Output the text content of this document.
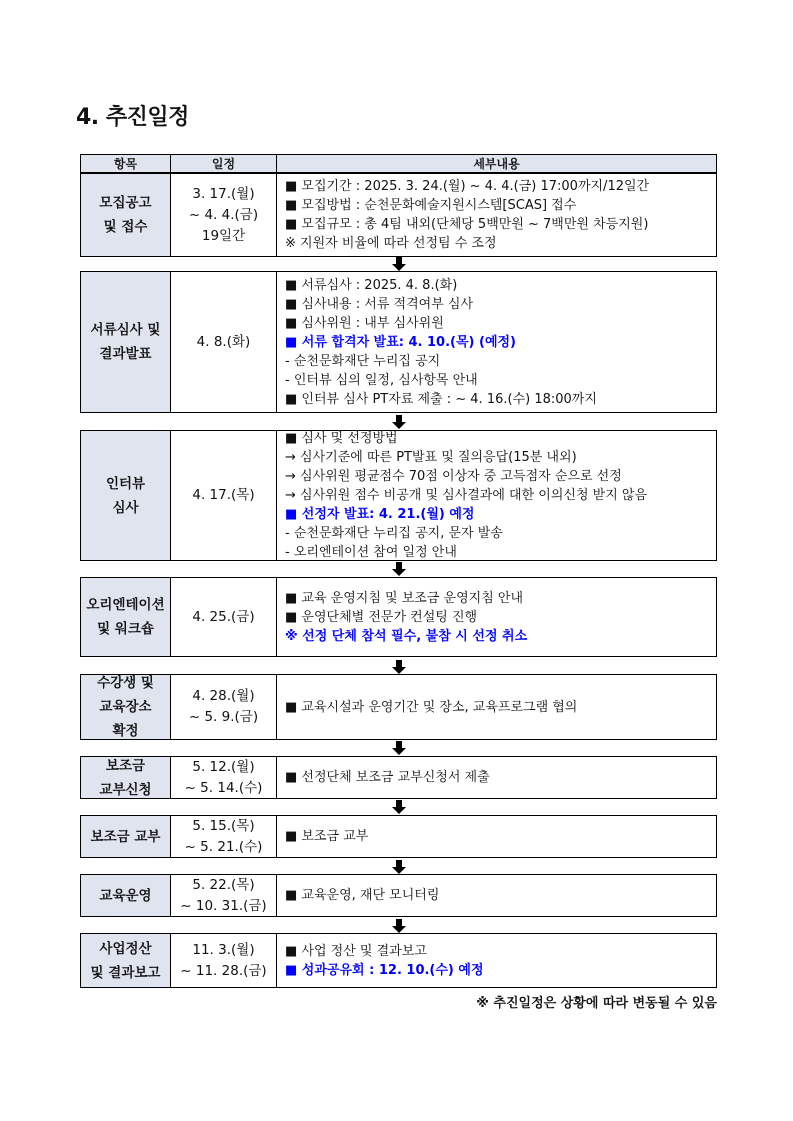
4. 추진일정
항목	일정	세부내용
모집공고
및 접수
3. 17.(월)
~ 4. 4.(금)
19일간
■ 모집기간 : 2025. 3. 24.(월) ~ 4. 4.(금) 17:00까지/12일간
■ 모집방법 : 순천문화예술지원시스템[SCAS] 접수
■ 모집규모 : 총 4팀 내외(단체당 5백만원 ~ 7백만원 차등지원)
※ 지원자 비율에 따라 선정팀 수 조정
서류심사 및
결과발표
4. 8.(화)
■ 서류심사 : 2025. 4. 8.(화)
■ 심사내용 : 서류 적격여부 심사
■ 심사위원 : 내부 심사위원
■ 서류 합격자 발표: 4. 10.(목) (예정)
- 순천문화재단 누리집 공지
- 인터뷰 심의 일정, 심사항목 안내
■ 인터뷰 심사 PT자료 제출 : ~ 4. 16.(수) 18:00까지
인터뷰
심사
4. 17.(목)
■ 심사 및 선정방법
→ 심사기준에 따른 PT발표 및 질의응답(15분 내외)
→ 심사위원 평균점수 70점 이상자 중 고득점자 순으로 선정
→ 심사위원 점수 비공개 및 심사결과에 대한 이의신청 받지 않음
■ 선정자 발표: 4. 21.(월) 예정
- 순천문화재단 누리집 공지, 문자 발송
- 오리엔테이션 참여 일정 안내
오리엔테이션
및 워크숍
4. 25.(금)
■ 교육 운영지침 및 보조금 운영지침 안내
■ 운영단체별 전문가 컨설팅 진행
※ 선정 단체 참석 필수, 불참 시 선정 취소
수강생 및
교육장소
확정
4. 28.(월)
~ 5. 9.(금)
■ 교육시설과 운영기간 및 장소, 교육프로그램 협의
보조금
교부신청
5. 12.(월)
~ 5. 14.(수)
■ 선정단체 보조금 교부신청서 제출
보조금 교부
5. 15.(목)
~ 5. 21.(수)
■ 보조금 교부
교육운영
5. 22.(목)
~ 10. 31.(금)
■ 교육운영, 재단 모니터링
사업정산
및 결과보고
11. 3.(월)
~ 11. 28.(금)
■ 사업 정산 및 결과보고
■ 성과공유회 : 12. 10.(수) 예정
※ 추진일정은 상황에 따라 변동될 수 있음
